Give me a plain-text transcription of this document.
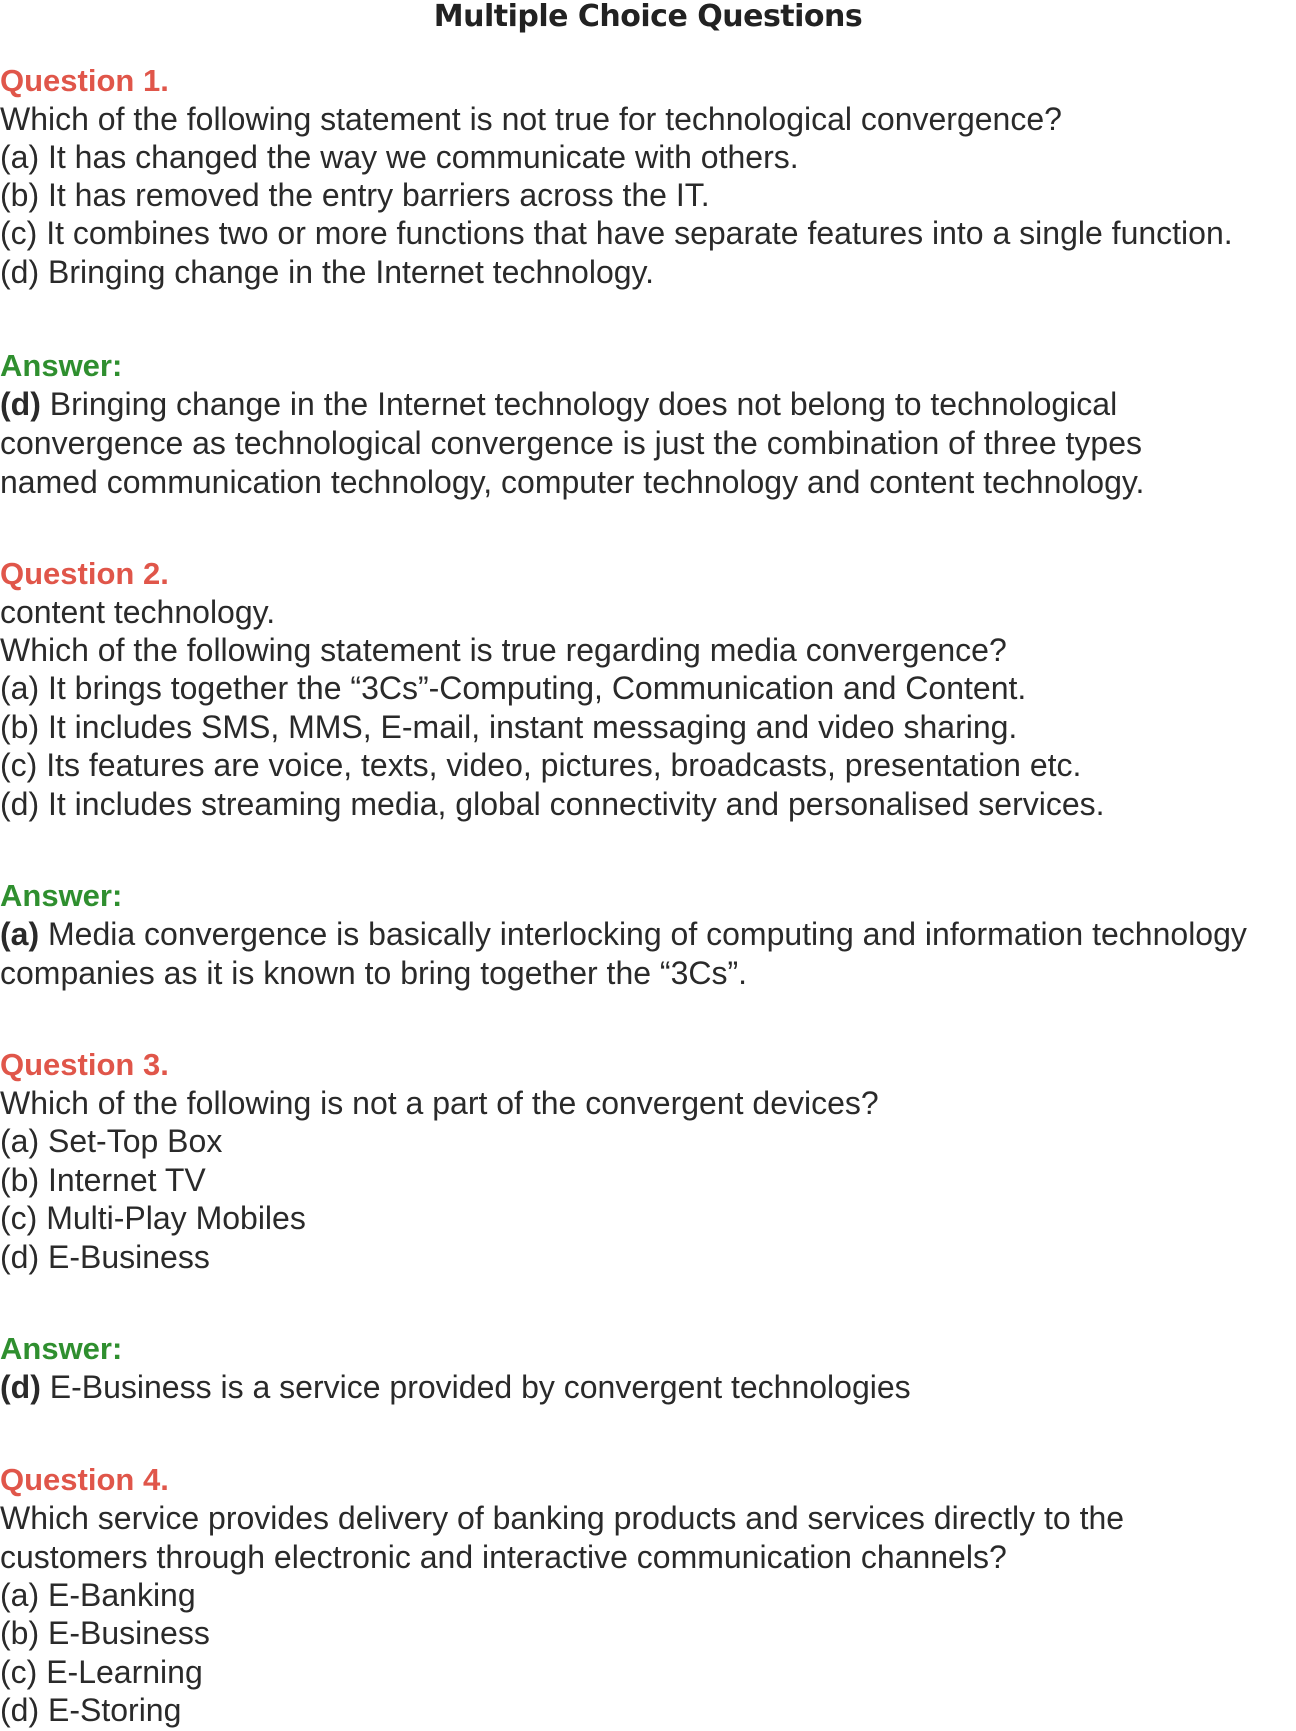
Multiple Choice Questions
Question 1.
Which of the following statement is not true for technological convergence?
(a) It has changed the way we communicate with others.
(b) It has removed the entry barriers across the IT.
(c) It combines two or more functions that have separate features into a single function.
(d) Bringing change in the Internet technology.
Answer:
(d) Bringing change in the Internet technology does not belong to technological
convergence as technological convergence is just the combination of three types
named communication technology, computer technology and content technology.
Question 2.
content technology.
Which of the following statement is true regarding media convergence?
(a) It brings together the “3Cs”-Computing, Communication and Content.
(b) It includes SMS, MMS, E-mail, instant messaging and video sharing.
(c) Its features are voice, texts, video, pictures, broadcasts, presentation etc.
(d) It includes streaming media, global connectivity and personalised services.
Answer:
(a) Media convergence is basically interlocking of computing and information technology
companies as it is known to bring together the “3Cs”.
Question 3.
Which of the following is not a part of the convergent devices?
(a) Set-Top Box
(b) Internet TV
(c) Multi-Play Mobiles
(d) E-Business
Answer:
(d) E-Business is a service provided by convergent technologies
Question 4.
Which service provides delivery of banking products and services directly to the
customers through electronic and interactive communication channels?
(a) E-Banking
(b) E-Business
(c) E-Learning
(d) E-Storing
